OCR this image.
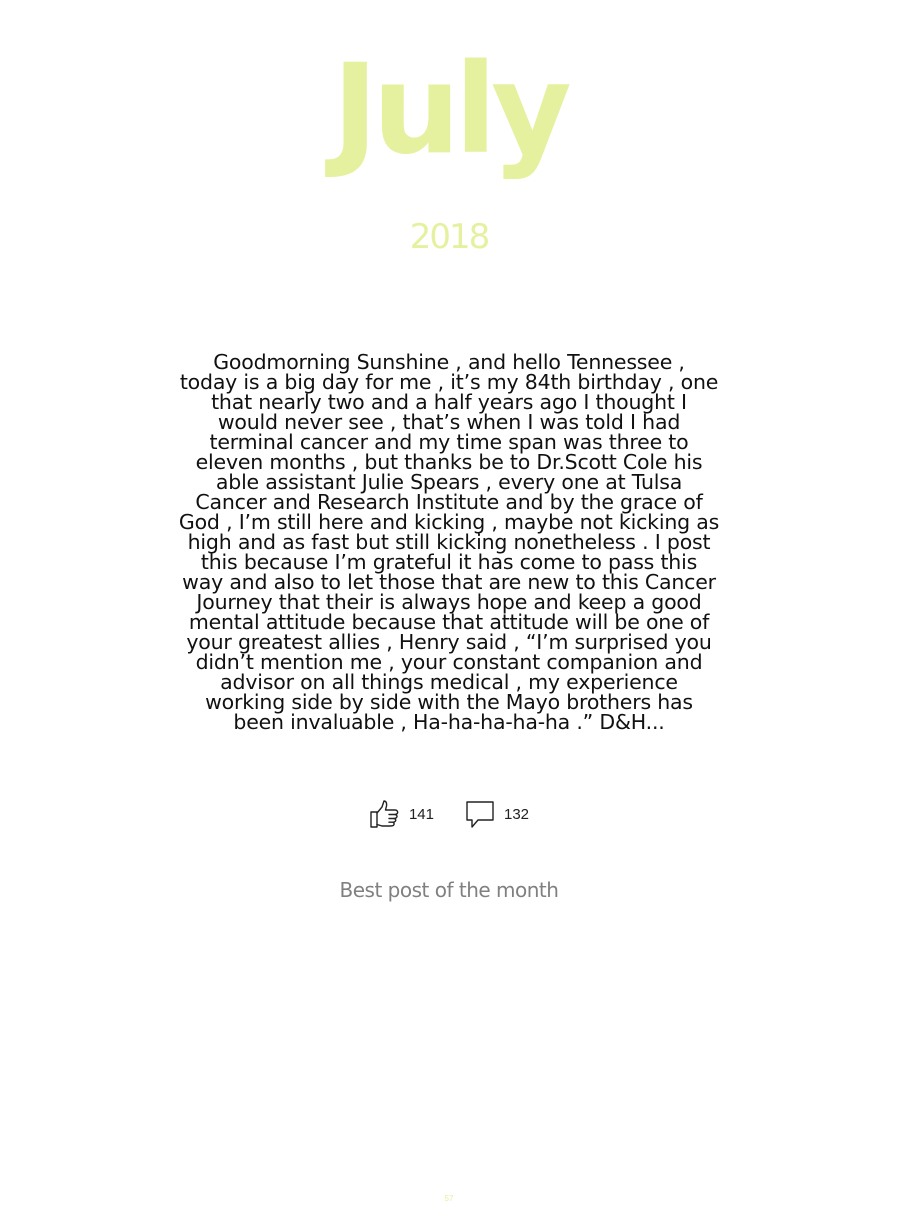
July
2018
Goodmorning Sunshine , and hello Tennessee ,
today is a big day for me , it’s my 84th birthday , one
that nearly two and a half years ago I thought I
would never see , that’s when I was told I had
terminal cancer and my time span was three to
eleven months , but thanks be to Dr.Scott Cole his
able assistant Julie Spears , every one at Tulsa
Cancer and Research Institute and by the grace of
God , I’m still here and kicking , maybe not kicking as
high and as fast but still kicking nonetheless . I post
this because I’m grateful it has come to pass this
way and also to let those that are new to this Cancer
Journey that their is always hope and keep a good
mental attitude because that attitude will be one of
your greatest allies , Henry said , “I’m surprised you
didn’t mention me , your constant companion and
advisor on all things medical , my experience
working side by side with the Mayo brothers has
been invaluable , Ha-ha-ha-ha-ha .” D&H...
141	132
Best post of the month
57
